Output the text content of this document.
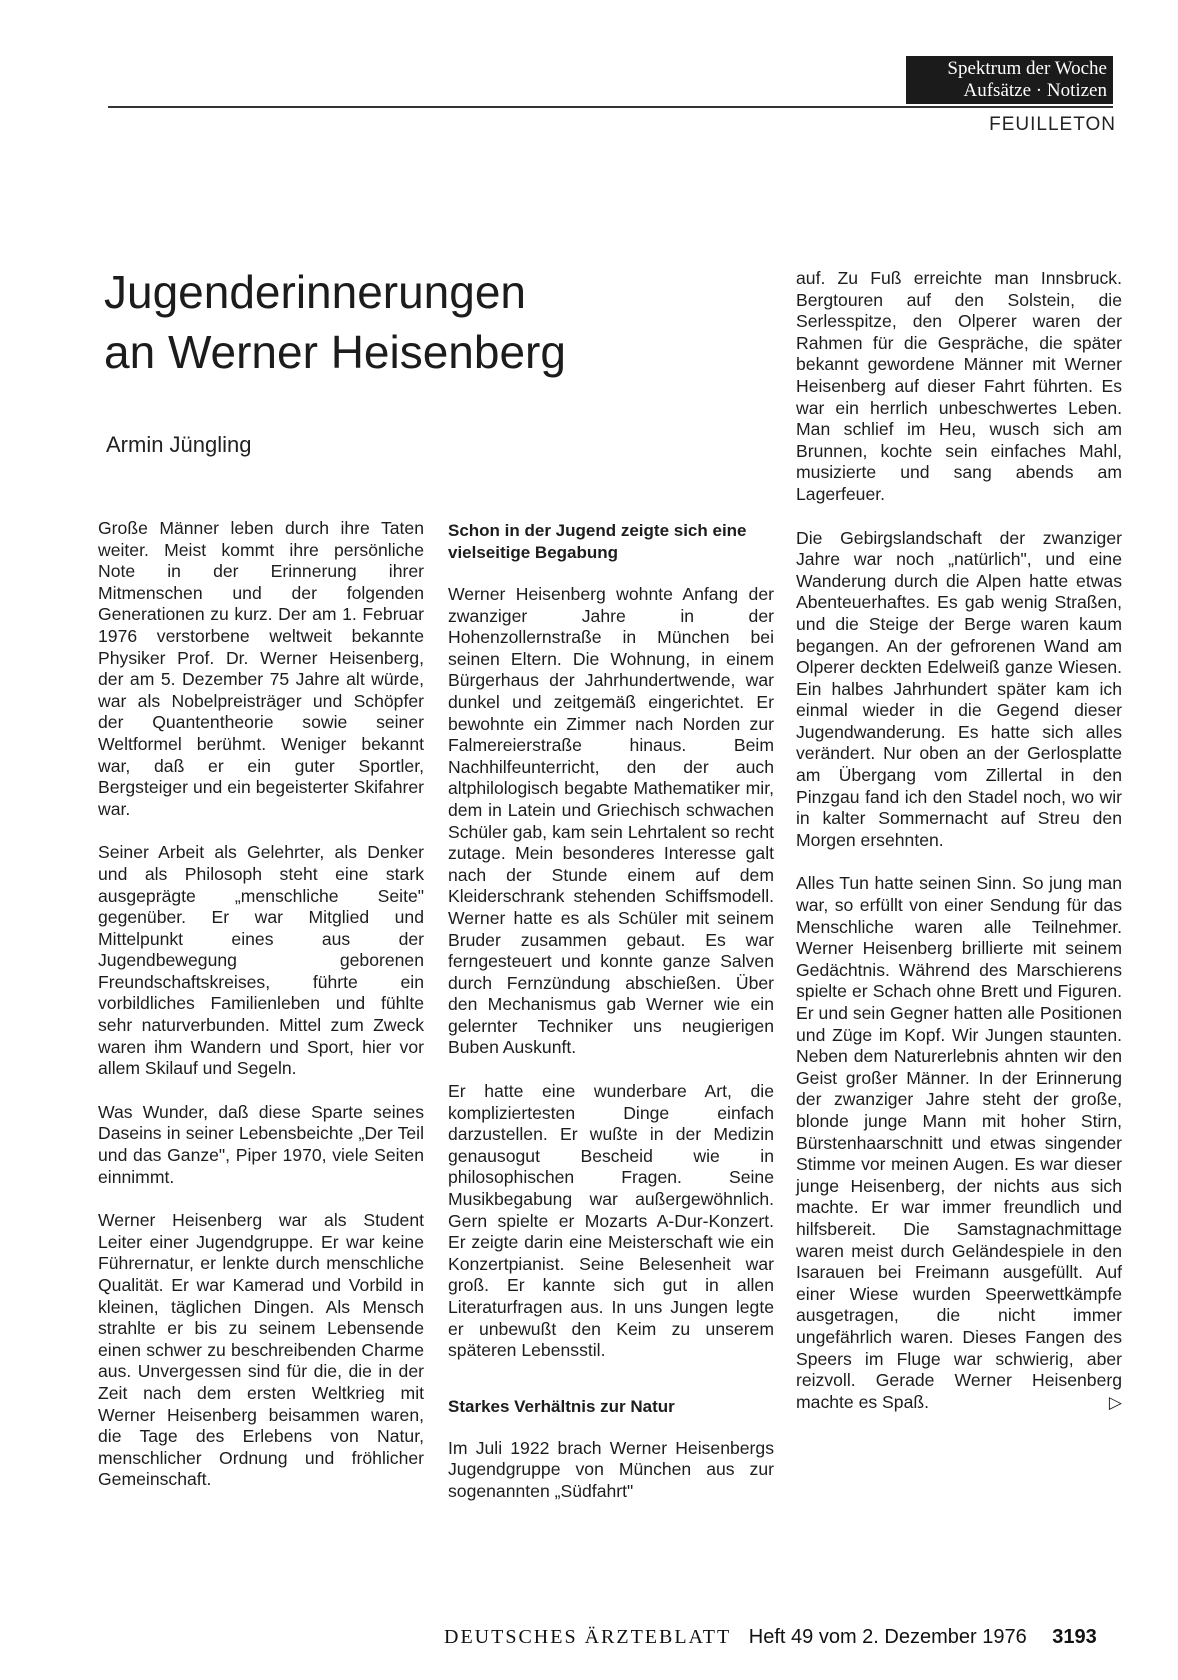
Spektrum der Woche
Aufsätze · Notizen
FEUILLETON
Jugenderinnerungen
an Werner Heisenberg
Armin Jüngling

Große Männer leben durch ihre Taten weiter. Meist kommt ihre persönliche Note in der Erinnerung ihrer Mitmenschen und der folgenden Generationen zu kurz. Der am 1. Februar 1976 verstorbene weltweit bekannte Physiker Prof. Dr. Werner Heisenberg, der am 5. Dezember 75 Jahre alt würde, war als Nobelpreisträger und Schöpfer der Quantentheorie sowie seiner Weltformel berühmt. Weniger bekannt war, daß er ein guter Sportler, Bergsteiger und ein begeisterter Skifahrer war.

Seiner Arbeit als Gelehrter, als Denker und als Philosoph steht eine stark ausgeprägte „menschliche Seite" gegenüber. Er war Mitglied und Mittelpunkt eines aus der Jugendbewegung geborenen Freundschaftskreises, führte ein vorbildliches Familienleben und fühlte sehr naturverbunden. Mittel zum Zweck waren ihm Wandern und Sport, hier vor allem Skilauf und Segeln.

Was Wunder, daß diese Sparte seines Daseins in seiner Lebensbeichte „Der Teil und das Ganze", Piper 1970, viele Seiten einnimmt.

Werner Heisenberg war als Student Leiter einer Jugendgruppe. Er war keine Führernatur, er lenkte durch menschliche Qualität. Er war Kamerad und Vorbild in kleinen, täglichen Dingen. Als Mensch strahlte er bis zu seinem Lebensende einen schwer zu beschreibenden Charme aus. Unvergessen sind für die, die in der Zeit nach dem ersten Weltkrieg mit Werner Heisenberg beisammen waren, die Tage des Erlebens von Natur, menschlicher Ordnung und fröhlicher Gemeinschaft.

Schon in der Jugend zeigte sich eine vielseitige Begabung

Werner Heisenberg wohnte Anfang der zwanziger Jahre in der Hohenzollernstraße in München bei seinen Eltern. Die Wohnung, in einem Bürgerhaus der Jahrhundertwende, war dunkel und zeitgemäß eingerichtet. Er bewohnte ein Zimmer nach Norden zur Falmereierstraße hinaus. Beim Nachhilfeunterricht, den der auch altphilologisch begabte Mathematiker mir, dem in Latein und Griechisch schwachen Schüler gab, kam sein Lehrtalent so recht zutage. Mein besonderes Interesse galt nach der Stunde einem auf dem Kleiderschrank stehenden Schiffsmodell. Werner hatte es als Schüler mit seinem Bruder zusammen gebaut. Es war ferngesteuert und konnte ganze Salven durch Fernzündung abschießen. Über den Mechanismus gab Werner wie ein gelernter Techniker uns neugierigen Buben Auskunft.

Er hatte eine wunderbare Art, die kompliziertesten Dinge einfach darzustellen. Er wußte in der Medizin genausogut Bescheid wie in philosophischen Fragen. Seine Musikbegabung war außergewöhnlich. Gern spielte er Mozarts A-Dur-Konzert. Er zeigte darin eine Meisterschaft wie ein Konzertpianist. Seine Belesenheit war groß. Er kannte sich gut in allen Literaturfragen aus. In uns Jungen legte er unbewußt den Keim zu unserem späteren Lebensstil.

Starkes Verhältnis zur Natur

Im Juli 1922 brach Werner Heisenbergs Jugendgruppe von München aus zur sogenannten „Südfahrt"

auf. Zu Fuß erreichte man Innsbruck. Bergtouren auf den Solstein, die Serlesspitze, den Olperer waren der Rahmen für die Gespräche, die später bekannt gewordene Männer mit Werner Heisenberg auf dieser Fahrt führten. Es war ein herrlich unbeschwertes Leben. Man schlief im Heu, wusch sich am Brunnen, kochte sein einfaches Mahl, musizierte und sang abends am Lagerfeuer.

Die Gebirgslandschaft der zwanziger Jahre war noch „natürlich", und eine Wanderung durch die Alpen hatte etwas Abenteuerhaftes. Es gab wenig Straßen, und die Steige der Berge waren kaum begangen. An der gefrorenen Wand am Olperer deckten Edelweiß ganze Wiesen. Ein halbes Jahrhundert später kam ich einmal wieder in die Gegend dieser Jugendwanderung. Es hatte sich alles verändert. Nur oben an der Gerlosplatte am Übergang vom Zillertal in den Pinzgau fand ich den Stadel noch, wo wir in kalter Sommernacht auf Streu den Morgen ersehnten.

Alles Tun hatte seinen Sinn. So jung man war, so erfüllt von einer Sendung für das Menschliche waren alle Teilnehmer. Werner Heisenberg brillierte mit seinem Gedächtnis. Während des Marschierens spielte er Schach ohne Brett und Figuren. Er und sein Gegner hatten alle Positionen und Züge im Kopf. Wir Jungen staunten. Neben dem Naturerlebnis ahnten wir den Geist großer Männer. In der Erinnerung der zwanziger Jahre steht der große, blonde junge Mann mit hoher Stirn, Bürstenhaarschnitt und etwas singender Stimme vor meinen Augen. Es war dieser junge Heisenberg, der nichts aus sich machte. Er war immer freundlich und hilfsbereit. Die Samstagnachmittage waren meist durch Geländespiele in den Isarauen bei Freimann ausgefüllt. Auf einer Wiese wurden Speerwettkämpfe ausgetragen, die nicht immer ungefährlich waren. Dieses Fangen des Speers im Fluge war schwierig, aber reizvoll. Gerade Werner Heisenberg machte es Spaß.	▷

DEUTSCHES ÄRZTEBLATT Heft 49 vom 2. Dezember 1976 3193
